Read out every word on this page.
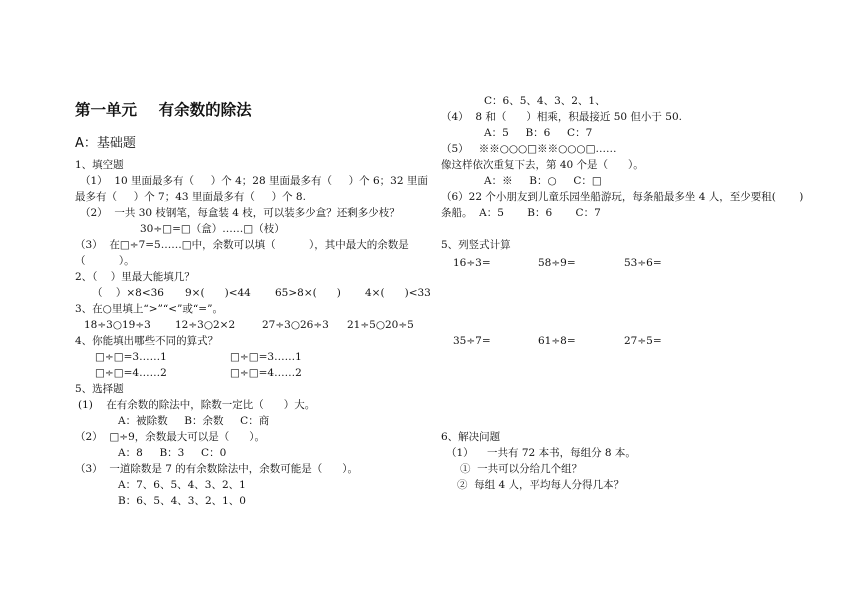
第一单元    有余数的除法
A：基础题
1、填空题
（1）  10 里面最多有（     ）个 4；28 里面最多有（     ）个 6；32 里面
最多有（     ）个 7；43 里面最多有（     ）个 8.
（2）  一共 30 枝钢笔，每盒装 4 枝，可以装多少盒？还剩多少枝？
30÷□=□（盒）……□（枝）
（3）  在□÷7=5……□中，余数可以填（          ），其中最大的余数是
（          ）。
2、（    ）里最大能填几？
（    ）×8<36 9×(      )<44 65>8×(      ) 4×(      )<33
3、在○里填上“>”“<”或“=”。
18÷3○19÷3 12÷3○2×2	27÷3○26÷3 21÷5○20÷5
4、你能填出哪些不同的算式？
□÷□=3……1	□÷□=3……1
□÷□=4……2	□÷□=4……2
5、选择题
(1)    在有余数的除法中，除数一定比（      ）大。
A：被除数     B：余数     C：商
（2）  □÷9，余数最大可以是（      ）。
A：8     B：3     C：0
（3）  一道除数是 7 的有余数除法中，余数可能是（      ）。
A：7、6、5、4、3、2、1
B：6、5、4、3、2、1、0
C：6、5、4、3、2、1、
（4）  8 和（      ）相乘，积最接近 50 但小于 50.
A：5     B：6     C：7
（5）   ※※○○○□※※○○○□……
像这样依次重复下去，第 40 个是（      ）。
A：※     B：○     C：□
（6）22 个小朋友到儿童乐园坐船游玩，每条船最多坐 4 人，至少要租(       )
条船。  A：5       B：6       C：7
5、列竖式计算
16÷3=	58÷9=	53÷6=
35÷7=	61÷8=	27÷5=
6、解决问题
（1）    一共有 72 本书，每组分 8 本。
①  一共可以分给几个组？
②  每组 4 人，平均每人分得几本？
